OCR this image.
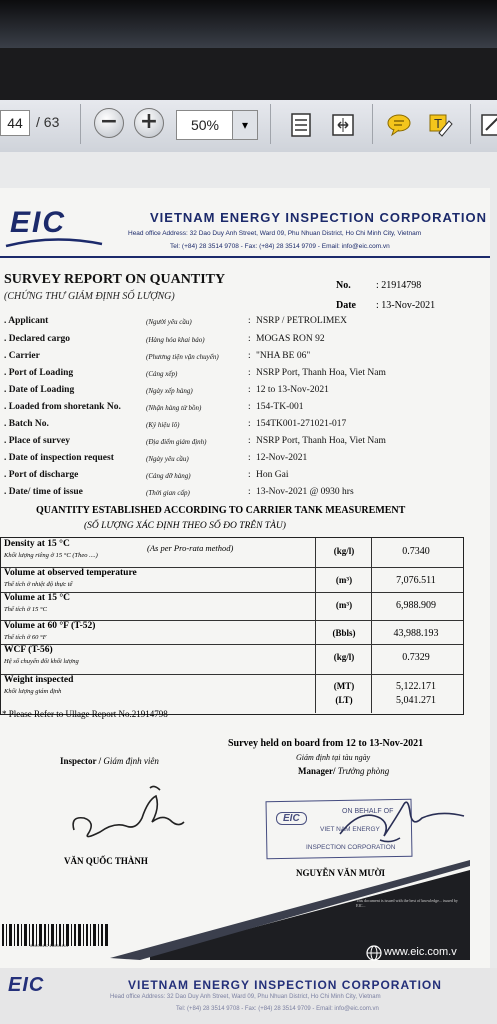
44 / 63 − +	50%	▾	T
EIC	VIETNAM ENERGY INSPECTION CORPORATION
Head office Address: 32 Dao Duy Anh Street, Ward 09, Phu Nhuan District, Ho Chi Minh City, Vietnam
Tel: (+84) 28 3514 9708 - Fax: (+84) 28 3514 9709 - Email: info@eic.com.vn
SURVEY REPORT ON QUANTITY
(CHỨNG THƯ GIÁM ĐỊNH SỐ LƯỢNG)
No.	: 21914798
Date : 13-Nov-2021
. Applicant	(Người yêu cầu)	: NSRP / PETROLIMEX
. Declared cargo	(Hàng hóa khai báo)	: MOGAS RON 92
. Carrier	(Phương tiện vận chuyển)	: "NHA BE 06"
. Port of Loading	(Cảng xếp)	: NSRP Port, Thanh Hoa, Viet Nam
. Date of Loading	(Ngày xếp hàng)	: 12 to 13-Nov-2021
. Loaded from shoretank No.	(Nhận hàng từ bồn)	: 154-TK-001
. Batch No.	(Ký hiệu lô)	: 154TK001-271021-017
. Place of survey	(Địa điểm giám định)	: NSRP Port, Thanh Hoa, Viet Nam
. Date of inspection request	(Ngày yêu cầu)	: 12-Nov-2021
. Port of discharge	(Cảng dỡ hàng)	: Hon Gai
. Date/ time of issue	(Thời gian cấp)	: 13-Nov-2021 @ 0930 hrs
QUANTITY ESTABLISHED ACCORDING TO CARRIER TANK MEASUREMENT
(SỐ LƯỢNG XÁC ĐỊNH THEO SỐ ĐO TRÊN TÀU)
Density at 15 °C
Khối lượng riêng ở 15 °C (Theo ....)
(As per Pro-rata method)	(kg/l)	0.7340
Volume at observed temperature
Thể tích ở nhiệt độ thực tế	(m³)	7,076.511
Volume at 15 °C
Thể tích ở 15 °C	(m³)	6,988.909
Volume at 60 °F (T-52)
Thể tích ở 60 °F	(Bbls)	43,988.193
WCF (T-56)
Hệ số chuyển đổi khối lượng	(kg/l)	0.7329
Weight inspected
Khối lượng giám định
(MT)	5,122.171
(LT)	5,041.271
* Please Refer to Ullage Report No.21914798
Survey held on board from 12 to 13-Nov-2021
Giám định tại tàu ngày
Manager/ Trưởng phòng
Inspector / Giám định viên
EIC
ON BEHALF OF
VIET NAM ENERGY
INSPECTION CORPORATION
VĂN QUỐC THÀNH
NGUYỄN VĂN MƯỜI
This document is issued with the best of knowledge... issued by EIC...
0000044716084414	www.eic.com.v
EIC	VIETNAM ENERGY INSPECTION CORPORATION
Head office Address: 32 Dao Duy Anh Street, Ward 09, Phu Nhuan District, Ho Chi Minh City, Vietnam
Tel: (+84) 28 3514 9708 - Fax: (+84) 28 3514 9709 - Email: info@eic.com.vn
